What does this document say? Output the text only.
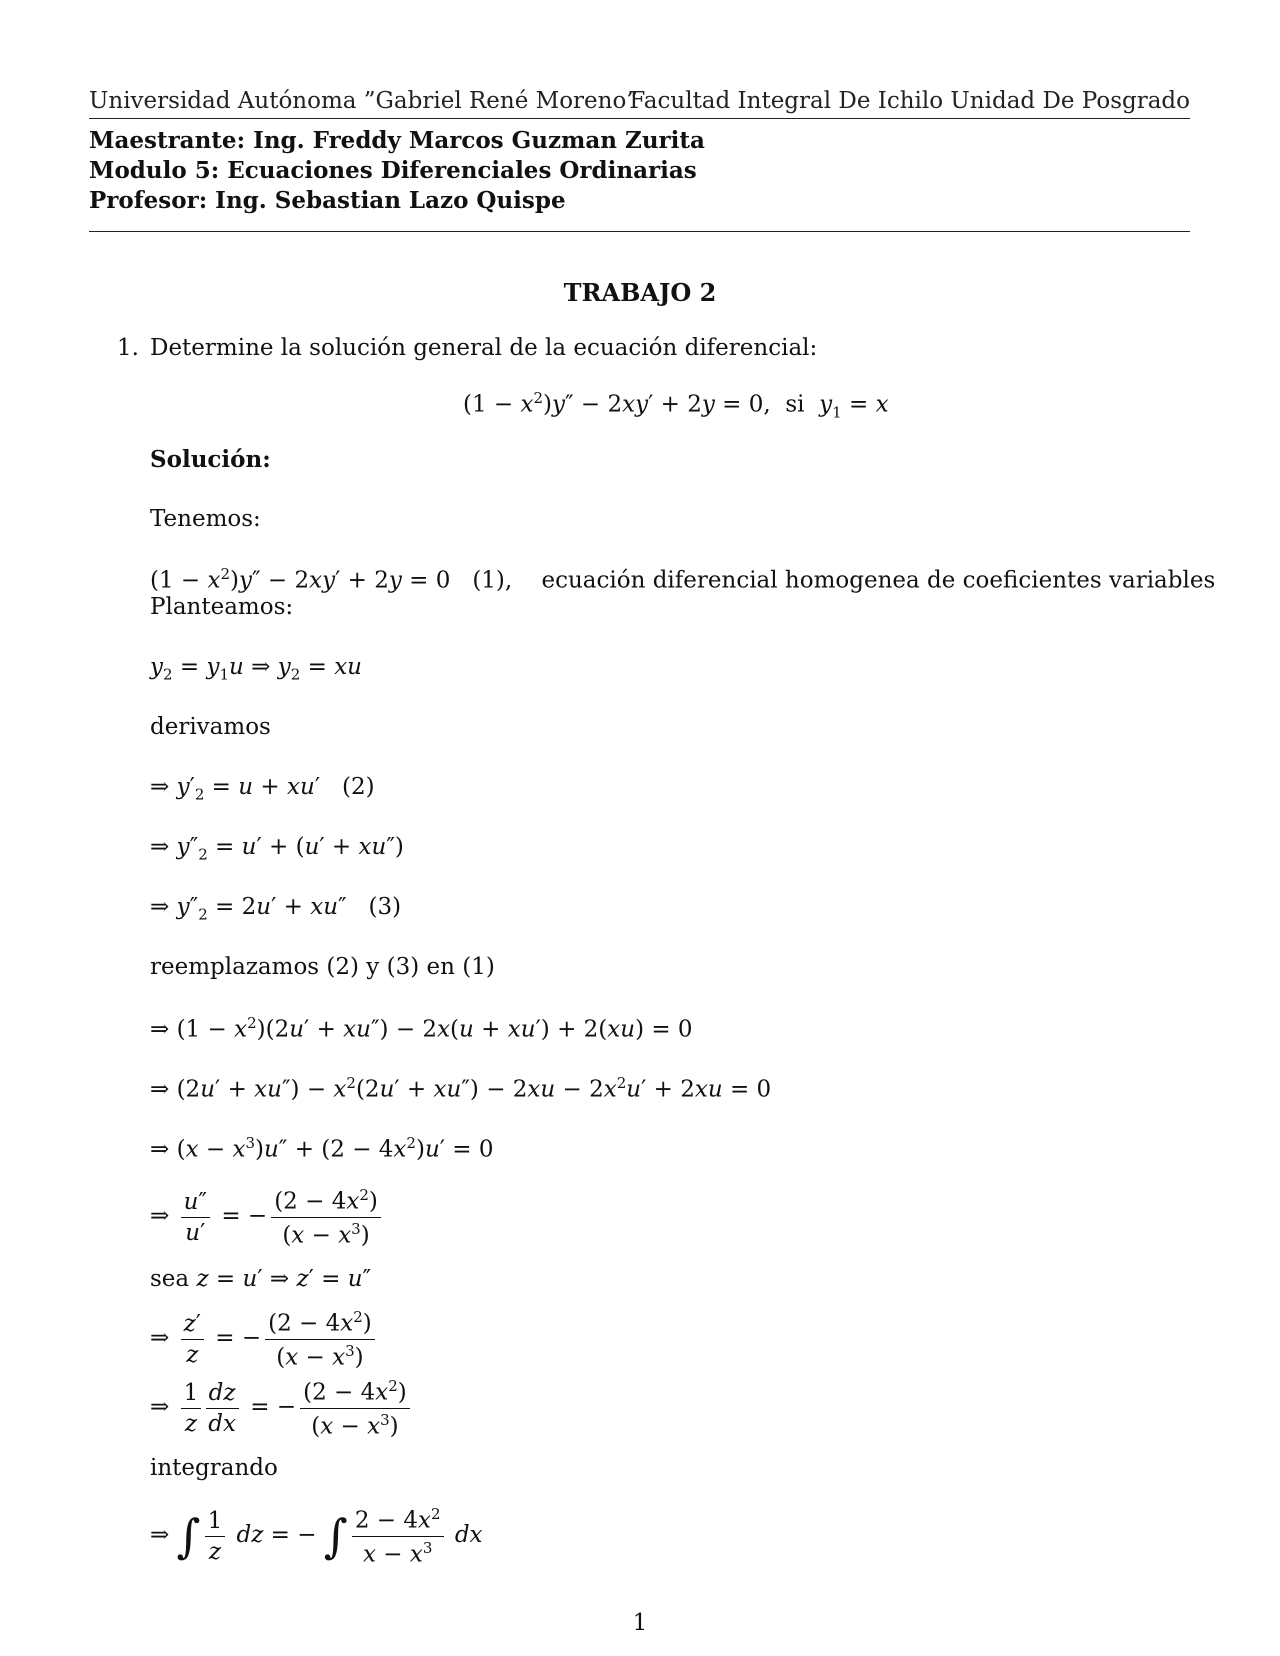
Universidad Autónoma ”Gabriel René Moreno”
Facultad Integral De Ichilo Unidad De Posgrado
Maestrante: Ing. Freddy Marcos Guzman Zurita
Modulo 5: Ecuaciones Diferenciales Ordinarias
Profesor: Ing. Sebastian Lazo Quispe
TRABAJO 2
1. Determine la solución general de la ecuación diferencial:
$(1 - x^2)y'' - 2xy' + 2y = 0$,  si  $y_1 = x$
Solución:
Tenemos:
$(1 - x^2)y'' - 2xy' + 2y = 0$   (1),    ecuación diferencial homogenea de coeficientes variables
Planteamos:
$y_2 = y_1u$ ⇒ $y_2$ = xu
derivamos
⇒ $y'_2 = u + xu'$   (2)
⇒ $y''_2 = u' + (u' + xu'')$
⇒ $y''_2 = 2u' + xu''$   (3)
reemplazamos (2) y (3) en (1)
⇒ $(1 - x^2)(2u' + xu'') - 2x(u + xu') + 2(xu) = 0$
⇒ $(2u' + xu'') - x^2(2u' + xu'') - 2xu - 2x^2u' + 2xu = 0$
⇒ $(x - x^3)u'' + (2 - 4x^2)u' = 0$
⇒ $\frac{u''}{u'}$ = − $\frac{(2 - 4x^2)}{(x - x^3)}$
sea z = u′ ⇒ z′ = u″
⇒ $\frac{z'}{z}$ = − $\frac{(2 - 4x^2)}{(x - x^3)}$
⇒ $\frac{1}{z} \frac{dz}{dx}$ = − $\frac{(2 - 4x^2)}{(x - x^3)}$
integrando
⇒ ∫ $\frac{1}{z}$ dz = − ∫ $\frac{2 - 4x^2}{x - x^3}$ dx
1
